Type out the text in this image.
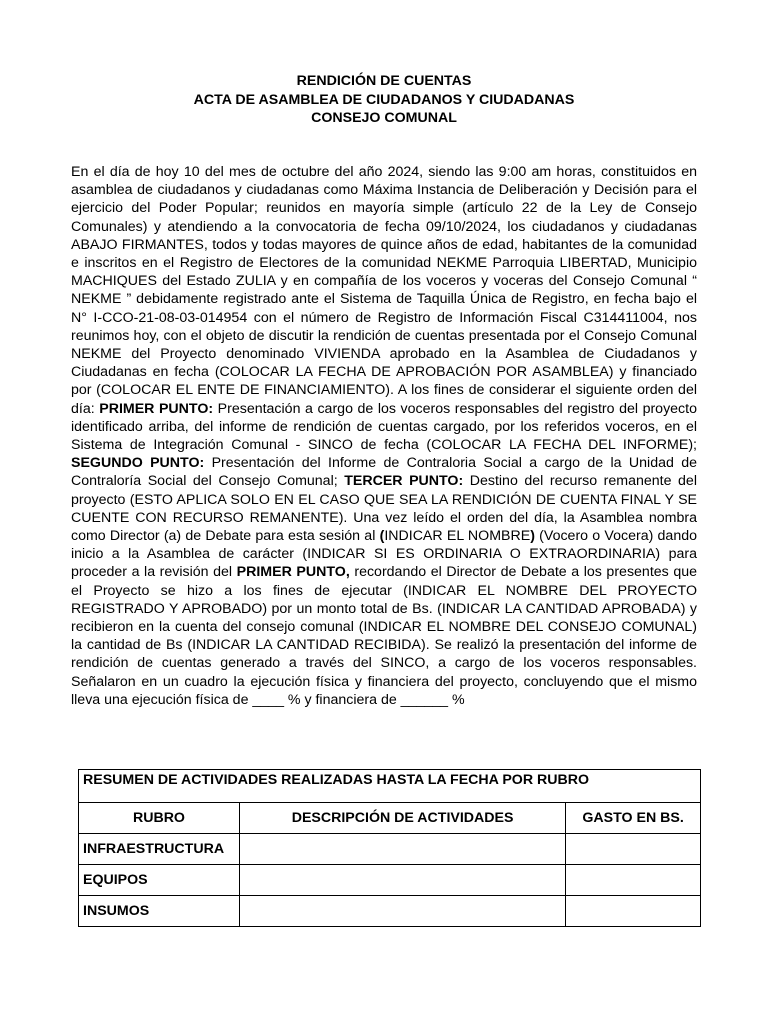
RENDICIÓN DE CUENTAS
ACTA DE ASAMBLEA DE CIUDADANOS Y CIUDADANAS
CONSEJO COMUNAL
En el día de hoy 10 del mes de octubre del año 2024, siendo las 9:00 am horas, constituidos en asamblea de ciudadanos y ciudadanas como Máxima Instancia de Deliberación y Decisión para el ejercicio del Poder Popular; reunidos en mayoría simple (artículo 22 de la Ley de Consejo Comunales) y atendiendo a la convocatoria de fecha 09/10/2024, los ciudadanos y ciudadanas ABAJO FIRMANTES, todos y todas mayores de quince años de edad, habitantes de la comunidad e inscritos en el Registro de Electores de la comunidad NEKME Parroquia LIBERTAD, Municipio MACHIQUES del Estado ZULIA y en compañía de los voceros y voceras del Consejo Comunal “ NEKME ” debidamente registrado ante el Sistema de Taquilla Única de Registro, en fecha bajo el N° I-CCO-21-08-03-014954 con el número de Registro de Información Fiscal C314411004, nos reunimos hoy, con el objeto de discutir la rendición de cuentas presentada por el Consejo Comunal NEKME del Proyecto denominado VIVIENDA aprobado en la Asamblea de Ciudadanos y Ciudadanas en fecha (COLOCAR LA FECHA DE APROBACIÓN POR ASAMBLEA) y financiado por (COLOCAR EL ENTE DE FINANCIAMIENTO). A los fines de considerar el siguiente orden del día: PRIMER PUNTO: Presentación a cargo de los voceros responsables del registro del proyecto identificado arriba, del informe de rendición de cuentas cargado, por los referidos voceros, en el Sistema de Integración Comunal - SINCO de fecha (COLOCAR LA FECHA DEL INFORME); SEGUNDO PUNTO: Presentación del Informe de Contraloria Social a cargo de la Unidad de Contraloría Social del Consejo Comunal; TERCER PUNTO: Destino del recurso remanente del proyecto (ESTO APLICA SOLO EN EL CASO QUE SEA LA RENDICIÓN DE CUENTA FINAL Y SE CUENTE CON RECURSO REMANENTE). Una vez leído el orden del día, la Asamblea nombra como Director (a) de Debate para esta sesión al (INDICAR EL NOMBRE) (Vocero o Vocera) dando inicio a la Asamblea de carácter (INDICAR SI ES ORDINARIA O EXTRAORDINARIA) para proceder a la revisión del PRIMER PUNTO, recordando el Director de Debate a los presentes que el Proyecto se hizo a los fines de ejecutar (INDICAR EL NOMBRE DEL PROYECTO REGISTRADO Y APROBADO) por un monto total de Bs. (INDICAR LA CANTIDAD APROBADA) y recibieron en la cuenta del consejo comunal (INDICAR EL NOMBRE DEL CONSEJO COMUNAL) la cantidad de Bs (INDICAR LA CANTIDAD RECIBIDA). Se realizó la presentación del informe de rendición de cuentas generado a través del SINCO, a cargo de los voceros responsables. Señalaron en un cuadro la ejecución física y financiera del proyecto, concluyendo que el mismo lleva una ejecución física de ____ % y financiera de ______ %
RESUMEN DE ACTIVIDADES REALIZADAS HASTA LA FECHA POR RUBRO		
RUBRO	DESCRIPCIÓN DE ACTIVIDADES	GASTO EN BS.
INFRAESTRUCTURA		
EQUIPOS		
INSUMOS		
